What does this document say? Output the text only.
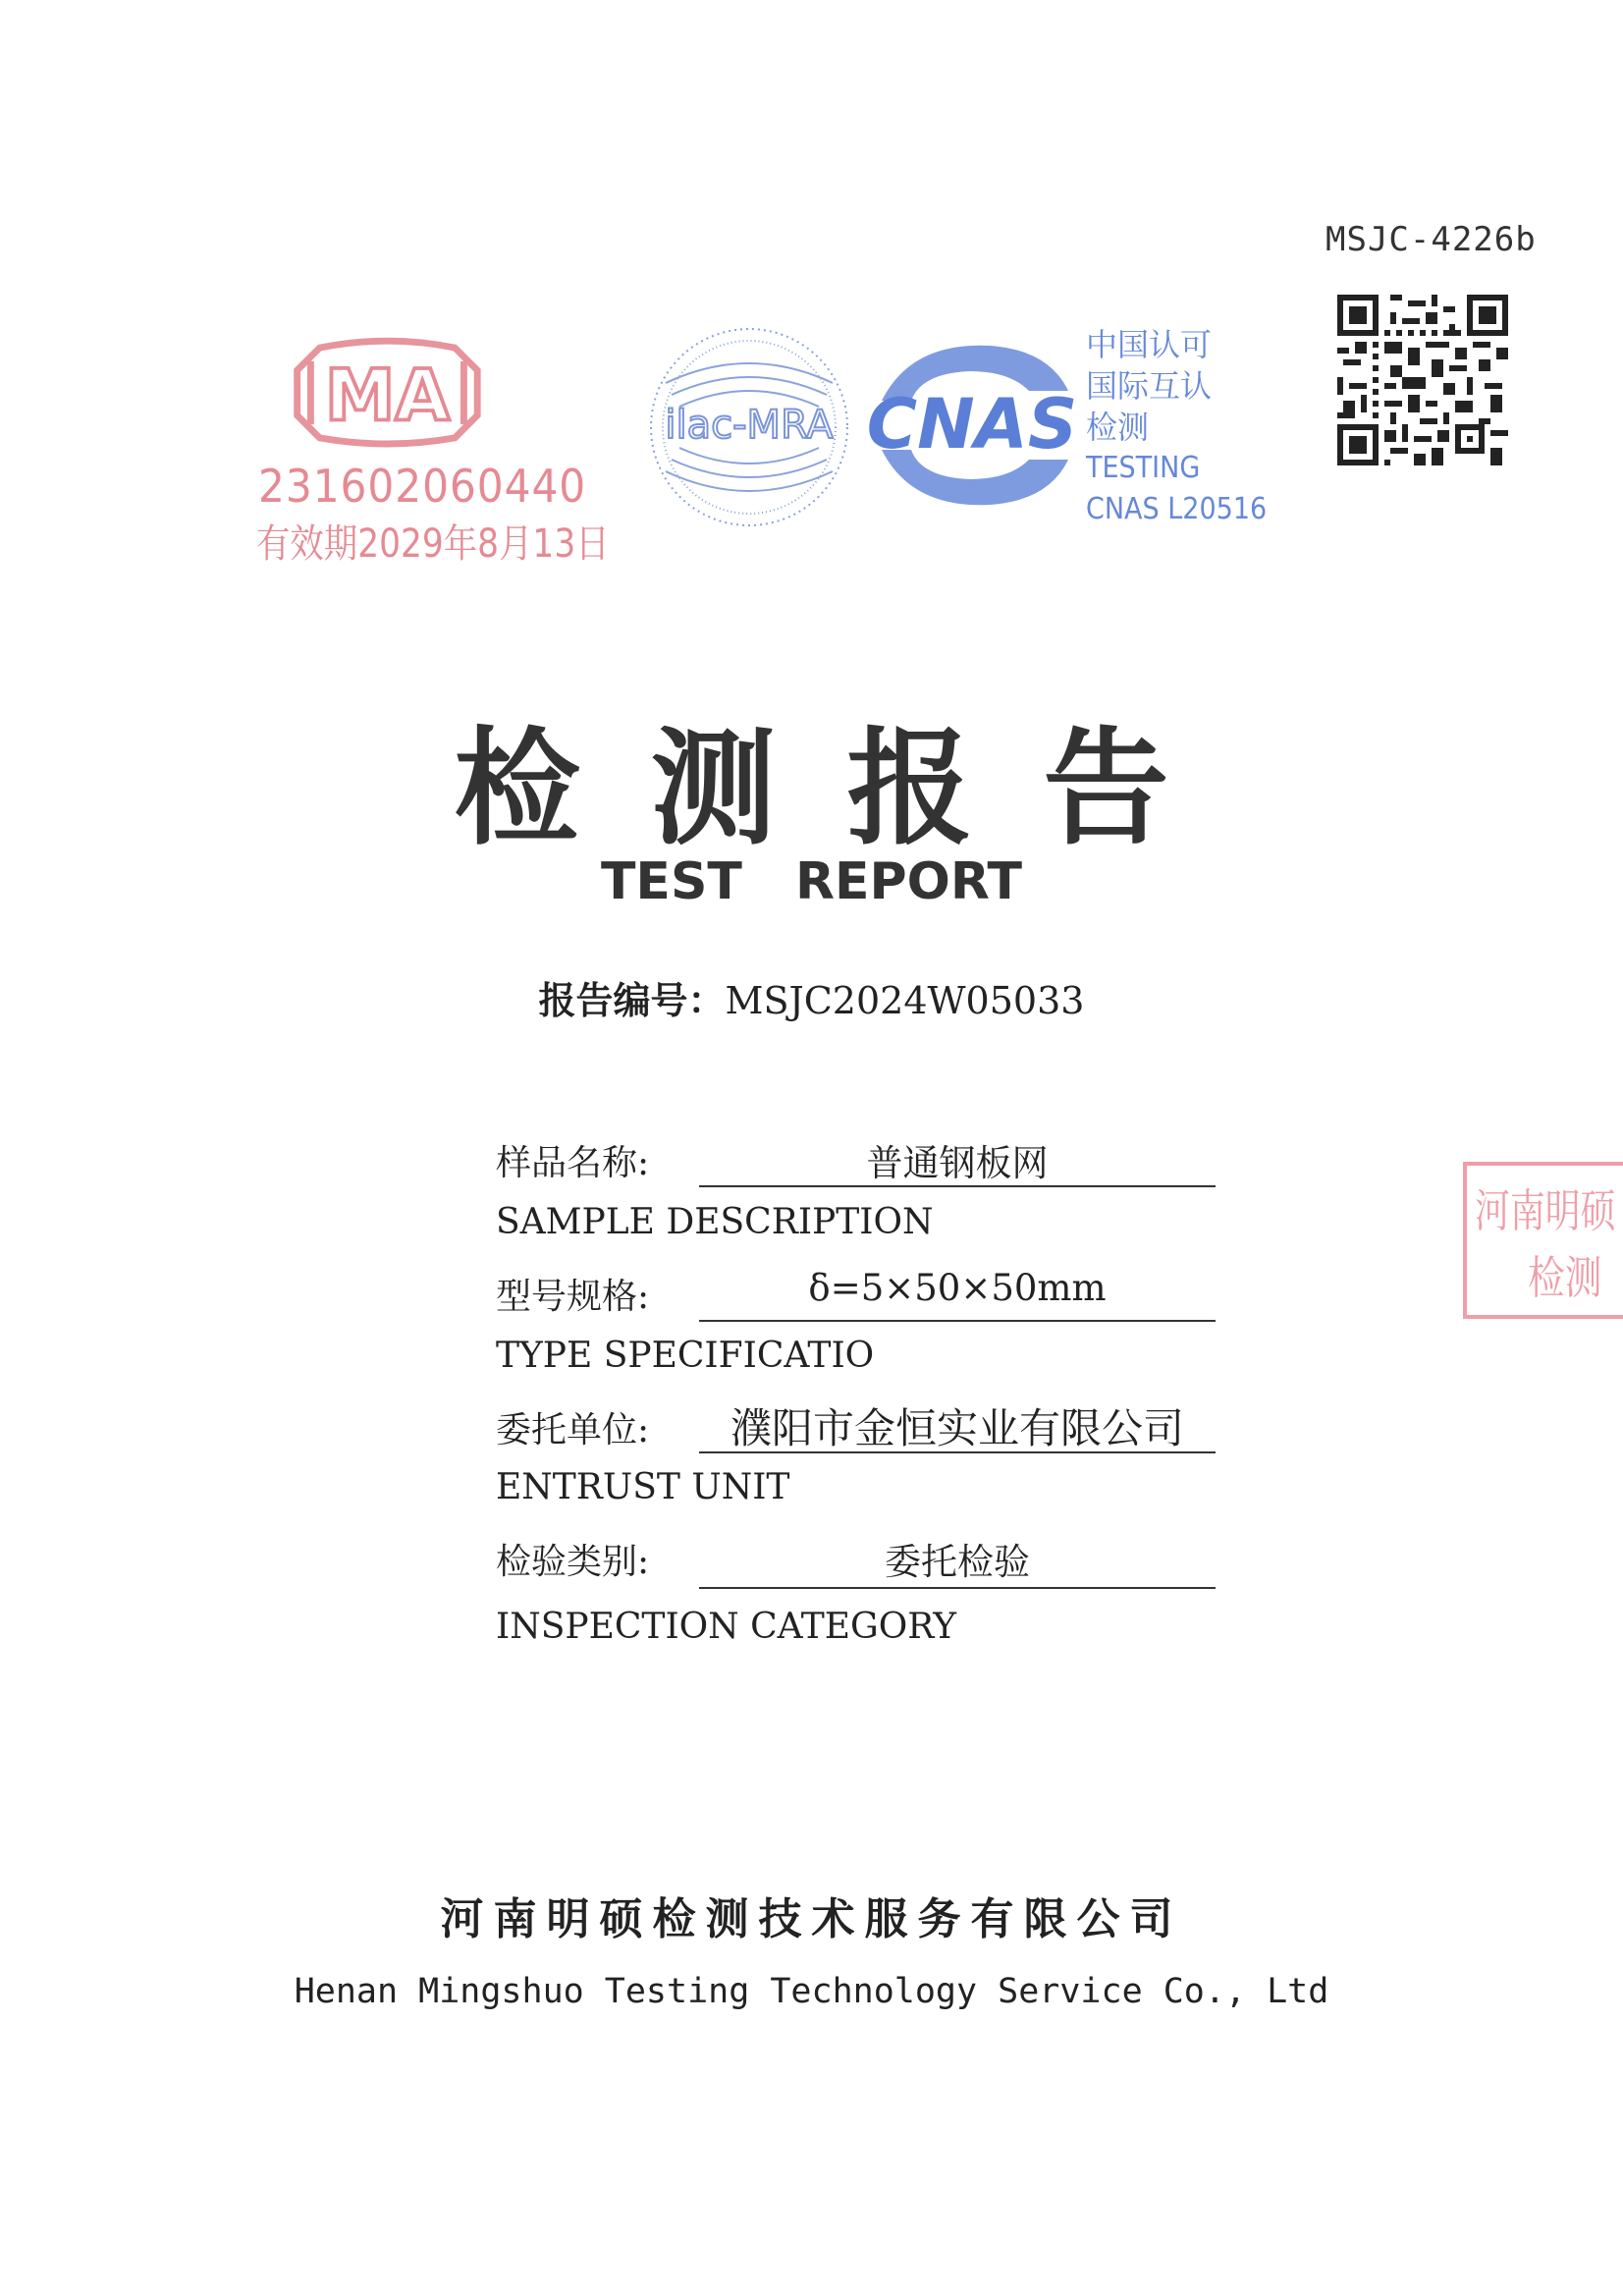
MSJC-4226b
MA
231602060440
有效期2029年8月13日
ilac-MRA CNAS
中国认可
国际互认
检测
TESTING
CNAS L20516
检测报告
TEST REPORT
报告编号：MSJC2024W05033
样品名称:	普通钢板网
SAMPLE DESCRIPTION
型号规格:	δ=5×50×50mm
TYPE SPECIFICATIO
委托单位:	濮阳市金恒实业有限公司
ENTRUST UNIT
检验类别:	委托检验
INSPECTION CATEGORY
河南明硕
检测
河南明硕检测技术服务有限公司
Henan Mingshuo Testing Technology Service Co., Ltd
